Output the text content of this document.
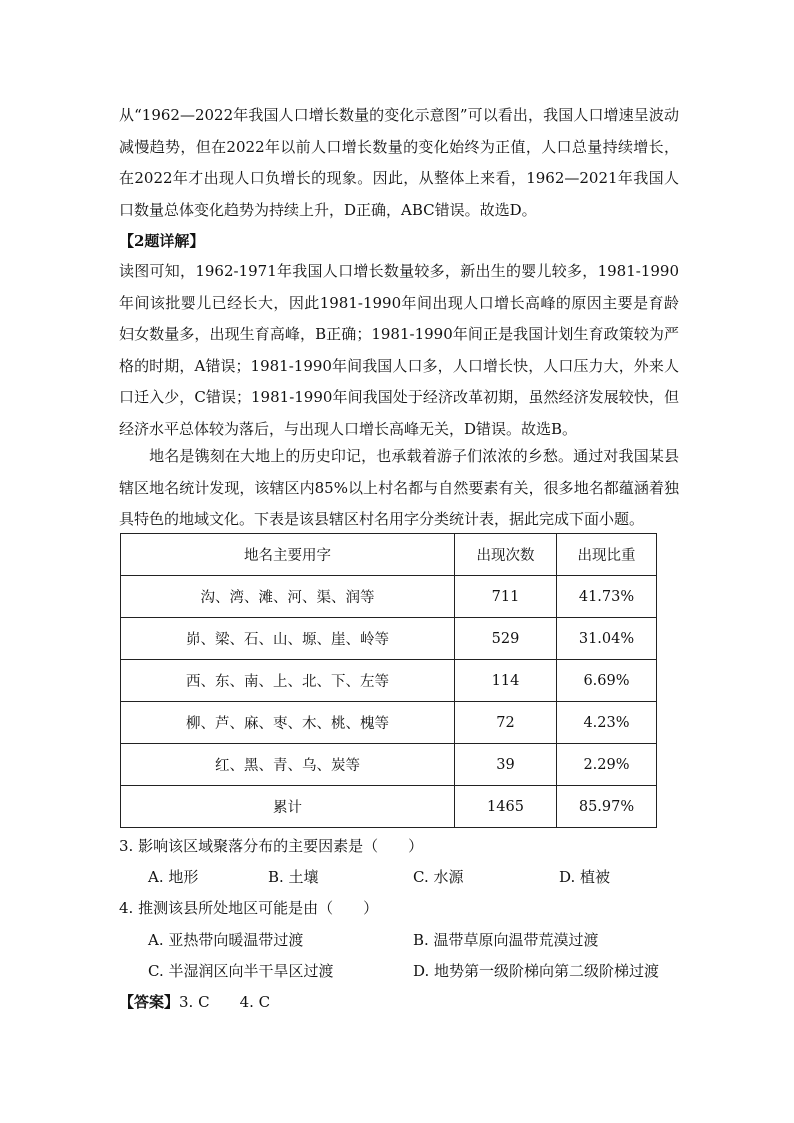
从“1962—2022年我国人口增长数量的变化示意图”可以看出，我国人口增速呈波动减慢趋势，但在2022年以前人口增长数量的变化始终为正值，人口总量持续增长，在2022年才出现人口负增长的现象。因此，从整体上来看，1962—2021年我国人口数量总体变化趋势为持续上升，D正确，ABC错误。故选D。

【2题详解】

读图可知，1962-1971年我国人口增长数量较多，新出生的婴儿较多，1981-1990年间该批婴儿已经长大，因此1981-1990年间出现人口增长高峰的原因主要是育龄妇女数量多，出现生育高峰，B正确；1981-1990年间正是我国计划生育政策较为严格的时期，A错误；1981-1990年间我国人口多，人口增长快，人口压力大，外来人口迁入少，C错误；1981-1990年间我国处于经济改革初期，虽然经济发展较快，但经济水平总体较为落后，与出现人口增长高峰无关，D错误。故选B。

地名是镌刻在大地上的历史印记，也承载着游子们浓浓的乡愁。通过对我国某县辖区地名统计发现，该辖区内85%以上村名都与自然要素有关，很多地名都蕴涵着独具特色的地域文化。下表是该县辖区村名用字分类统计表，据此完成下面小题。

地名主要用字	出现次数	出现比重
沟、湾、滩、河、渠、润等	711	41.73%
峁、梁、石、山、塬、崖、岭等	529	31.04%
西、东、南、上、北、下、左等	114	6.69%
柳、芦、麻、枣、木、桃、槐等	72	4.23%
红、黑、青、乌、炭等	39	2.29%
累计	1465	85.97%
3. 影响该区域聚落分布的主要因素是（　　）
A. 地形	B. 土壤	C. 水源	D. 植被
4. 推测该县所处地区可能是由（　　）
A. 亚热带向暖温带过渡	B. 温带草原向温带荒漠过渡
C. 半湿润区向半干旱区过渡	D. 地势第一级阶梯向第二级阶梯过渡
【答案】3. C　　4. C
